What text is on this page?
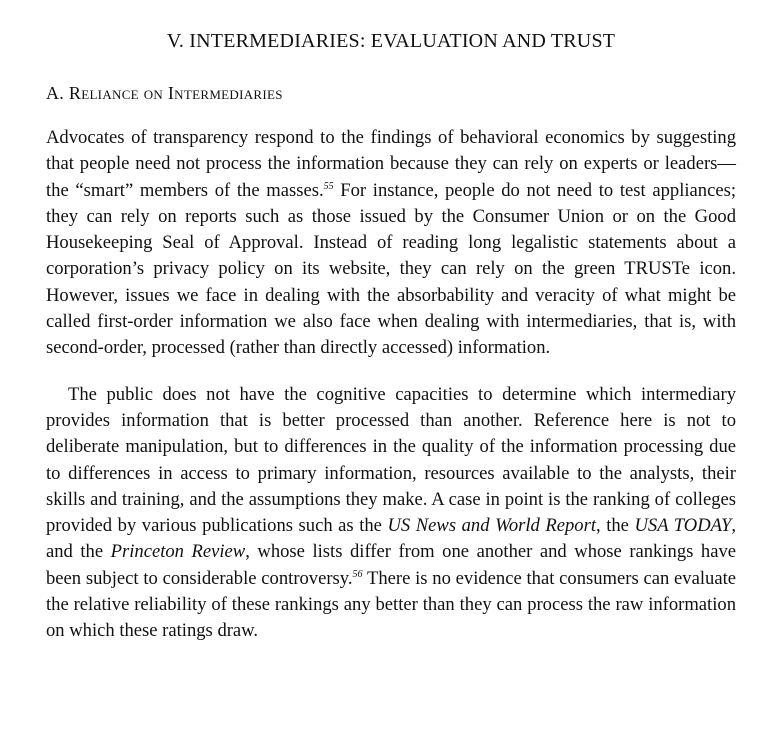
V. INTERMEDIARIES: EVALUATION AND TRUST
A. Reliance on Intermediaries

Advocates of transparency respond to the findings of behavioral economics by suggesting that people need not process the information because they can rely on experts or leaders—the “smart” members of the masses.$^{55}$ For instance, people do not need to test appliances; they can rely on reports such as those issued by the Consumer Union or on the Good Housekeeping Seal of Approval. Instead of reading long legalistic statements about a corporation’s privacy policy on its website, they can rely on the green TRUSTe icon. However, issues we face in dealing with the absorbability and veracity of what might be called first-order information we also face when dealing with intermediaries, that is, with second-order, processed (rather than directly accessed) information.

The public does not have the cognitive capacities to determine which intermediary provides information that is better processed than another. Reference here is not to deliberate manipulation, but to differences in the quality of the information processing due to differences in access to primary information, resources available to the analysts, their skills and training, and the assumptions they make. A case in point is the ranking of colleges provided by various publications such as the US News and World Report, the USA TODAY, and the Princeton Review, whose lists differ from one another and whose rankings have been subject to considerable controversy.$^{56}$ There is no evidence that consumers can evaluate the relative reliability of these rankings any better than they can process the raw information on which these ratings draw.
